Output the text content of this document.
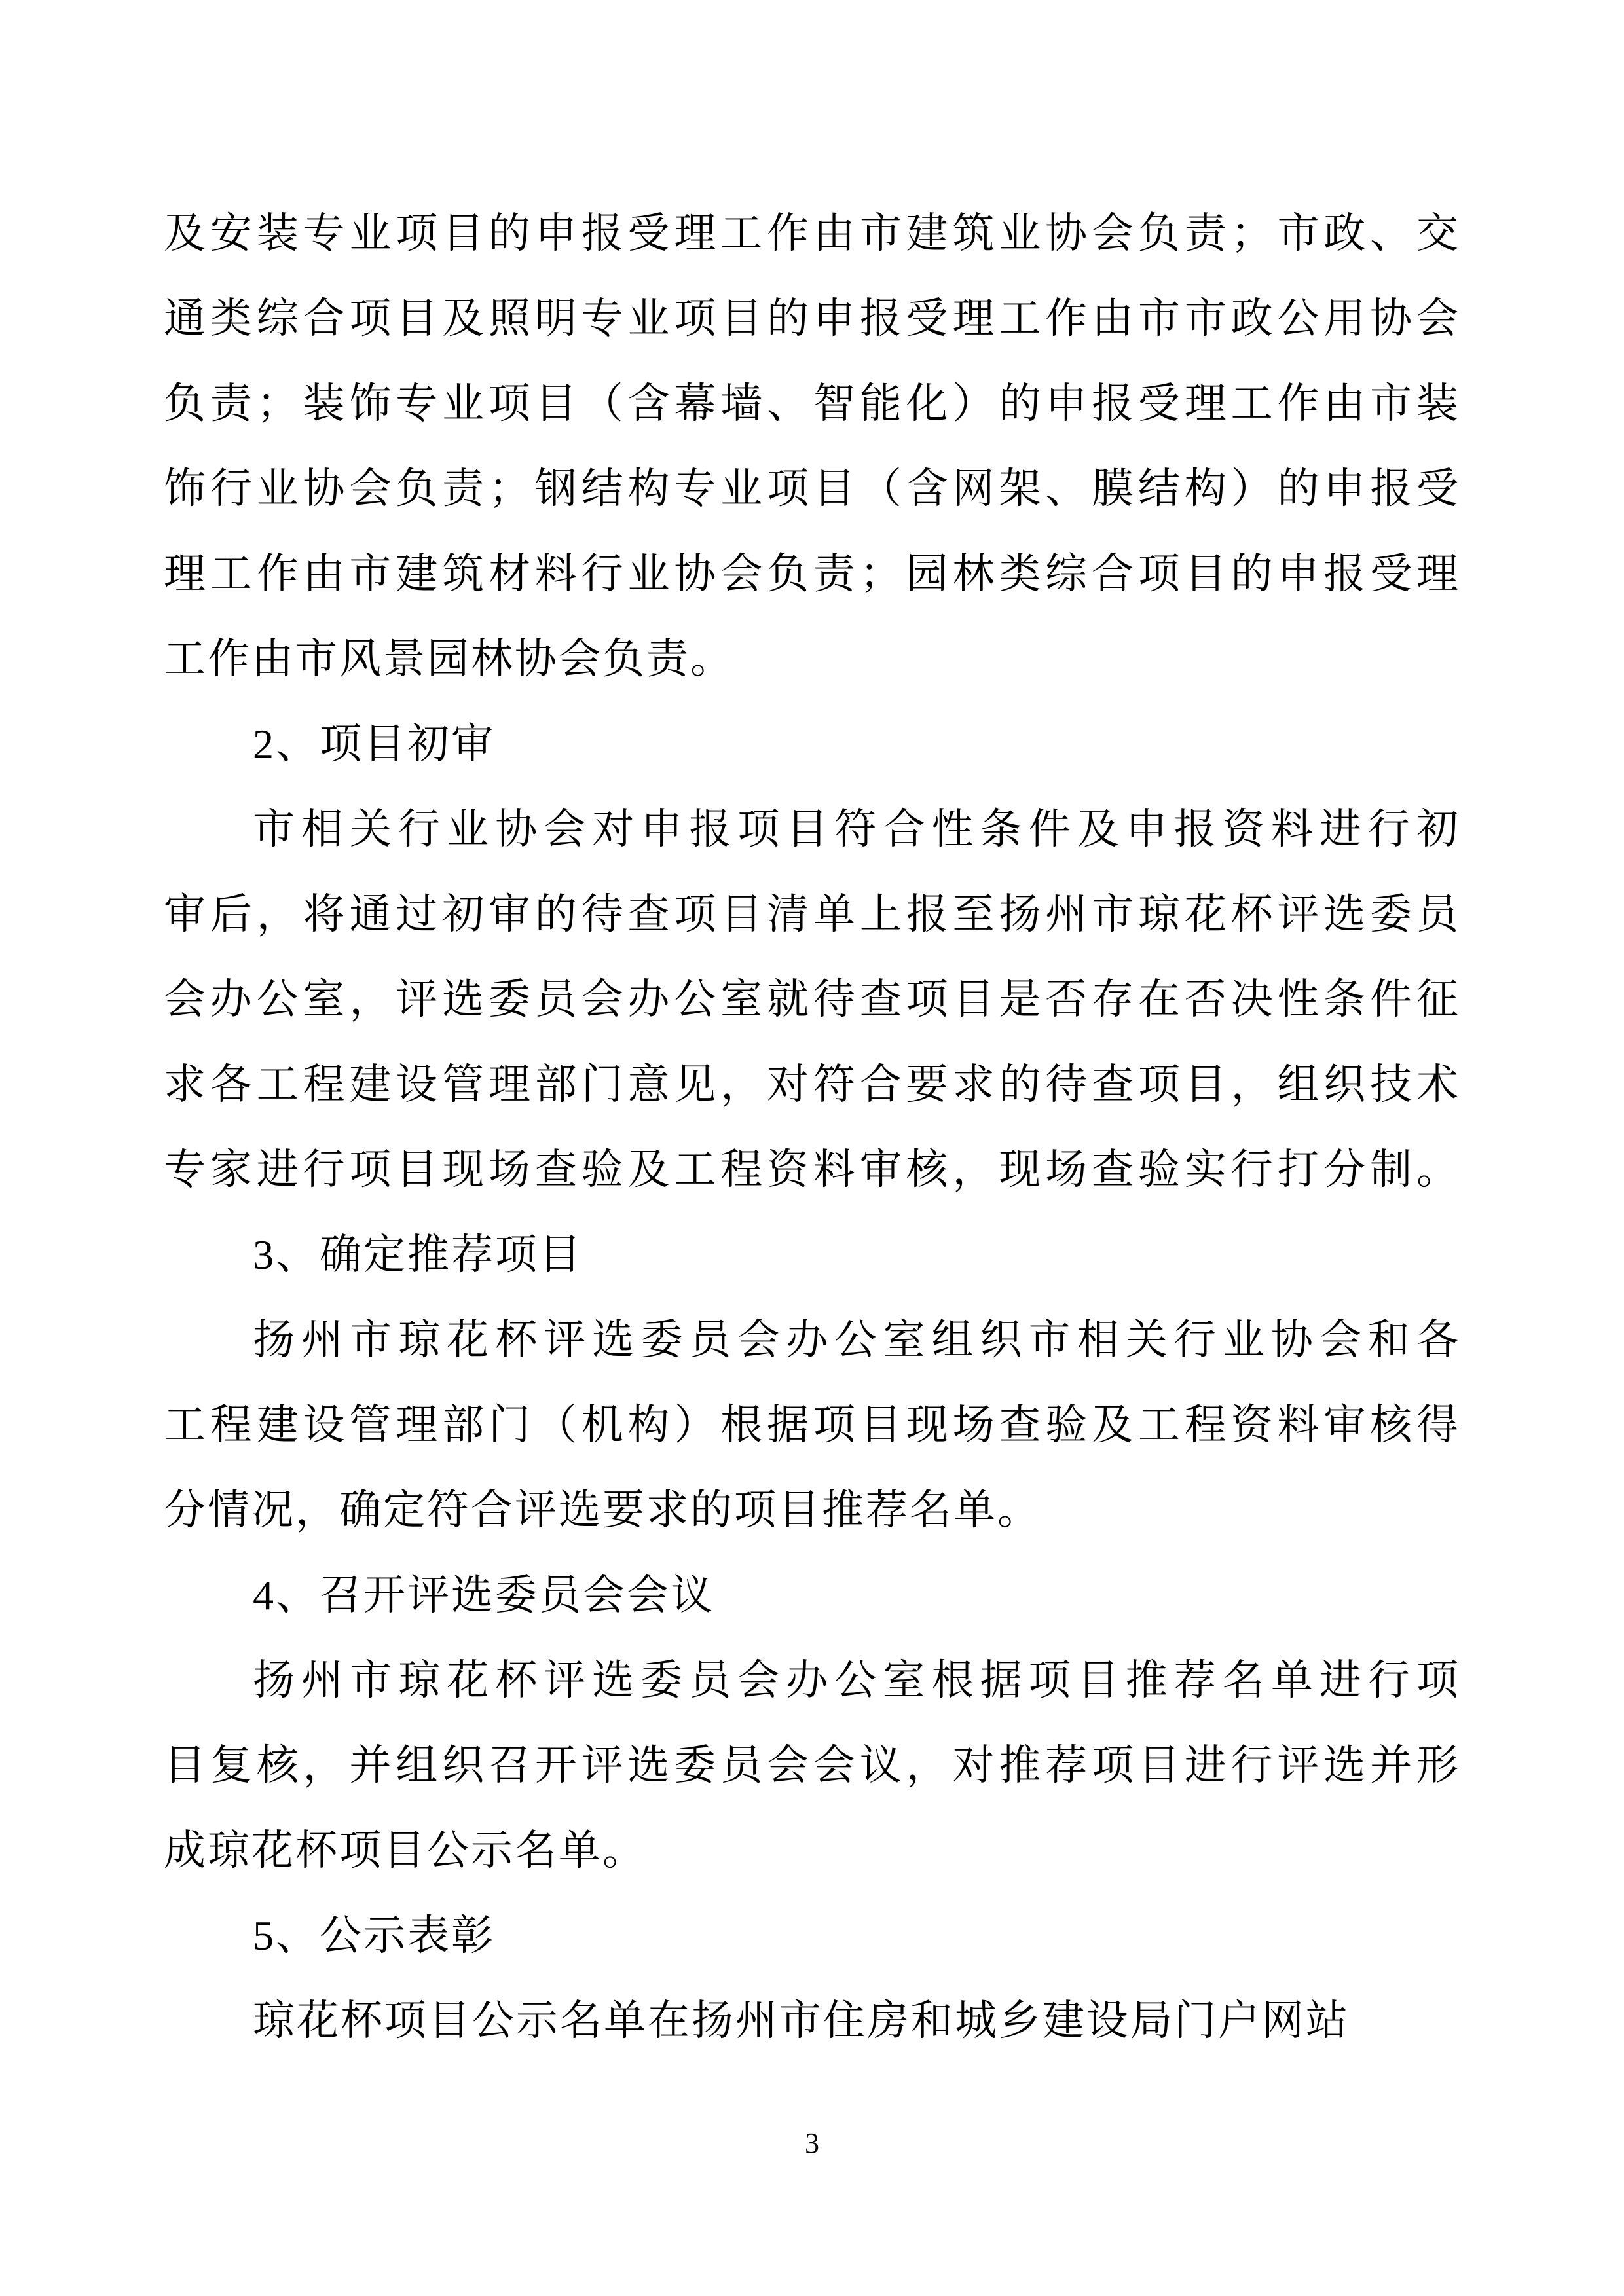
及安装专业项目的申报受理工作由市建筑业协会负责；市政、交
通类综合项目及照明专业项目的申报受理工作由市市政公用协会
负责；装饰专业项目（含幕墙、智能化）的申报受理工作由市装
饰行业协会负责；钢结构专业项目（含网架、膜结构）的申报受
理工作由市建筑材料行业协会负责；园林类综合项目的申报受理
工作由市风景园林协会负责。
2、项目初审
市相关行业协会对申报项目符合性条件及申报资料进行初
审后，将通过初审的待查项目清单上报至扬州市琼花杯评选委员
会办公室，评选委员会办公室就待查项目是否存在否决性条件征
求各工程建设管理部门意见，对符合要求的待查项目，组织技术
专家进行项目现场查验及工程资料审核，现场查验实行打分制。
3、确定推荐项目
扬州市琼花杯评选委员会办公室组织市相关行业协会和各
工程建设管理部门（机构）根据项目现场查验及工程资料审核得
分情况，确定符合评选要求的项目推荐名单。
4、召开评选委员会会议
扬州市琼花杯评选委员会办公室根据项目推荐名单进行项
目复核，并组织召开评选委员会会议，对推荐项目进行评选并形
成琼花杯项目公示名单。
5、公示表彰
琼花杯项目公示名单在扬州市住房和城乡建设局门户网站
3
